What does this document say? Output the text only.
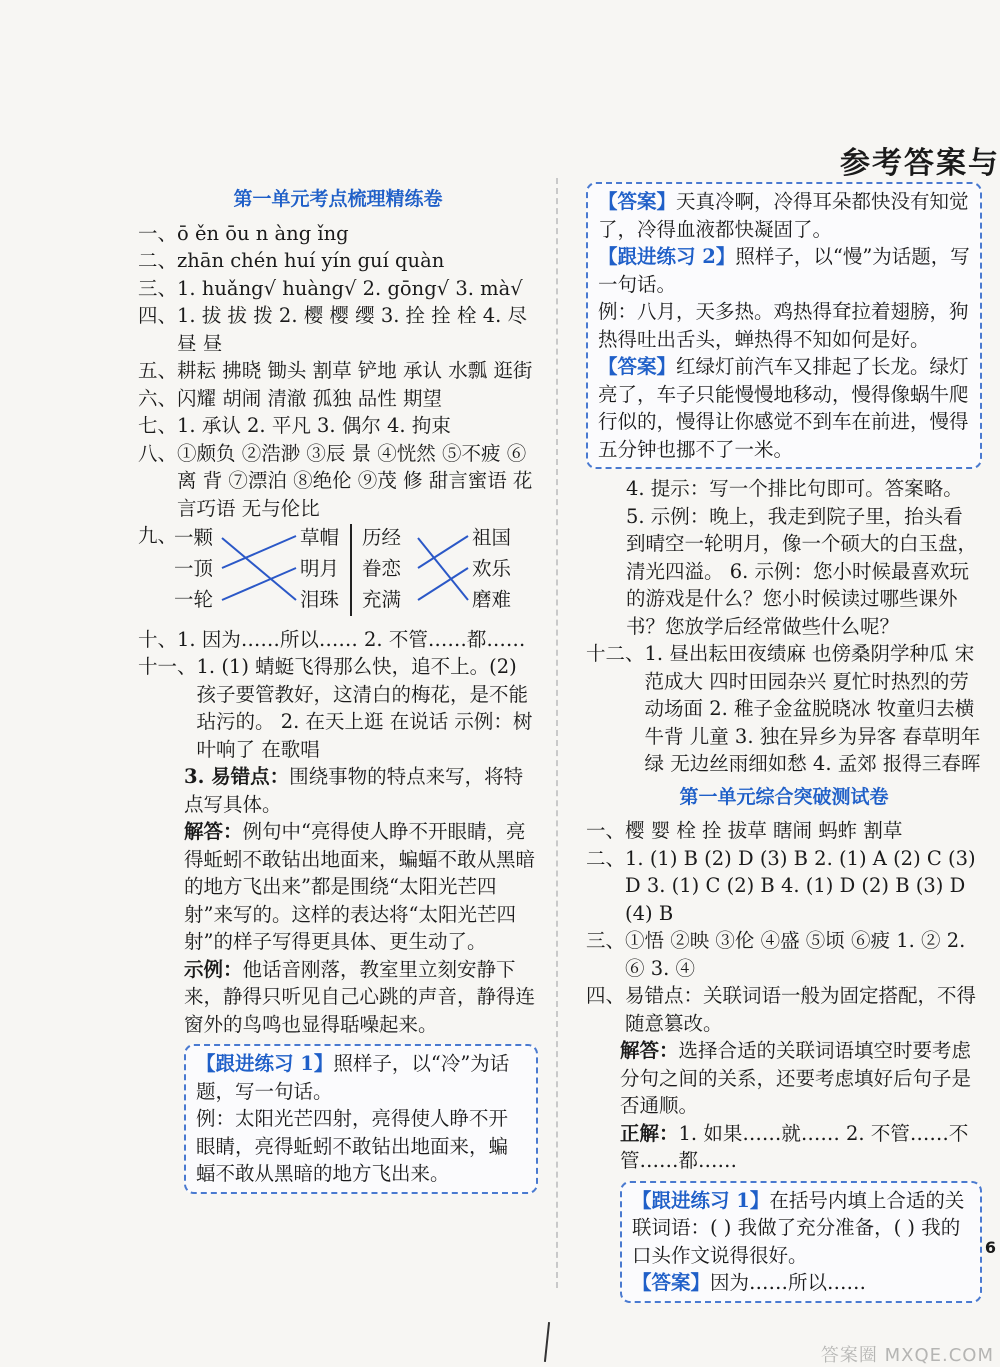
参考答案与
第一单元考点梳理精练卷
一、 ō ěn ōu n àng ǐng
二、 zhān chén huí yín guí quàn
三、 1. huǎng√ huàng√ 2. gōng√ 3. mà√
四、 1. 拔 拔 拨 2. 樱 樱 缨 3. 拴 拴 栓 4. 尽 昼 昼
五、 耕耘 拂晓 锄头 割草 铲地 承认 水瓢 逛街
六、 闪耀 胡闹 清澈 孤独 品性 期望
七、 1. 承认 2. 平凡 3. 偶尔 4. 拘束
八、 ①颇负 ②浩渺 ③辰 景 ④恍然 ⑤不疲 ⑥离 背 ⑦漂泊 ⑧绝伦 ⑨茂 修 甜言蜜语 花言巧语 无与伦比
九、
一颗
一顶
一轮
草帽
明月
泪珠
历经
眷恋
充满
祖国
欢乐
磨难
十、 1. 因为……所以…… 2. 不管……都……
十一、 1. (1) 蜻蜓飞得那么快，追不上。(2) 孩子要管教好，这清白的梅花，是不能玷污的。 2. 在天上逛 在说话 示例：树叶响了 在歌唱

3. 易错点：围绕事物的特点来写，将特点写具体。

解答：例句中“亮得使人睁不开眼睛，亮得蚯蚓不敢钻出地面来，蝙蝠不敢从黑暗的地方飞出来”都是围绕“太阳光芒四射”来写的。这样的表达将“太阳光芒四射”的样子写得更具体、更生动了。

示例：他话音刚落，教室里立刻安静下来，静得只听见自己心跳的声音，静得连窗外的鸟鸣也显得聒噪起来。

【跟进练习 1】照样子，以“冷”为话题，写一句话。

例：太阳光芒四射，亮得使人睁不开眼睛，亮得蚯蚓不敢钻出地面来，蝙蝠不敢从黑暗的地方飞出来。

【答案】天真冷啊，冷得耳朵都快没有知觉了，冷得血液都快凝固了。

【跟进练习 2】照样子，以“慢”为话题，写一句话。

例：八月，天多热。鸡热得耷拉着翅膀，狗热得吐出舌头，蝉热得不知如何是好。

【答案】红绿灯前汽车又排起了长龙。绿灯亮了，车子只能慢慢地移动，慢得像蜗牛爬行似的，慢得让你感觉不到车在前进，慢得五分钟也挪不了一米。

4. 提示：写一个排比句即可。答案略。

5. 示例：晚上，我走到院子里，抬头看到晴空一轮明月，像一个硕大的白玉盘，清光四溢。 6. 示例：您小时候最喜欢玩的游戏是什么？您小时候读过哪些课外书？您放学后经常做些什么呢？

十二、 1. 昼出耘田夜绩麻 也傍桑阴学种瓜 宋 范成大 四时田园杂兴 夏忙时热烈的劳动场面 2. 稚子金盆脱晓冰 牧童归去横牛背 儿童 3. 独在异乡为异客 春草明年绿 无边丝雨细如愁 4. 孟郊 报得三春晖
第一单元综合突破测试卷
一、 樱 婴 栓 拴 拔草 瞎闹 蚂蚱 割草
二、 1. (1) B (2) D (3) B 2. (1) A (2) C (3) D 3. (1) C (2) B 4. (1) D (2) B (3) D (4) B
三、 ①悟 ②映 ③伦 ④盛 ⑤顷 ⑥疲 1. ② 2. ⑥ 3. ④
四、 易错点：关联词语一般为固定搭配，不得随意篡改。

解答：选择合适的关联词语填空时要考虑分句之间的关系，还要考虑填好后句子是否通顺。

正解：1. 如果……就…… 2. 不管……不管……都……

【跟进练习 1】在括号内填上合适的关联词语：( ) 我做了充分准备，( ) 我的口头作文说得很好。

【答案】因为……所以……

6
答案圈 MXQE.COM
